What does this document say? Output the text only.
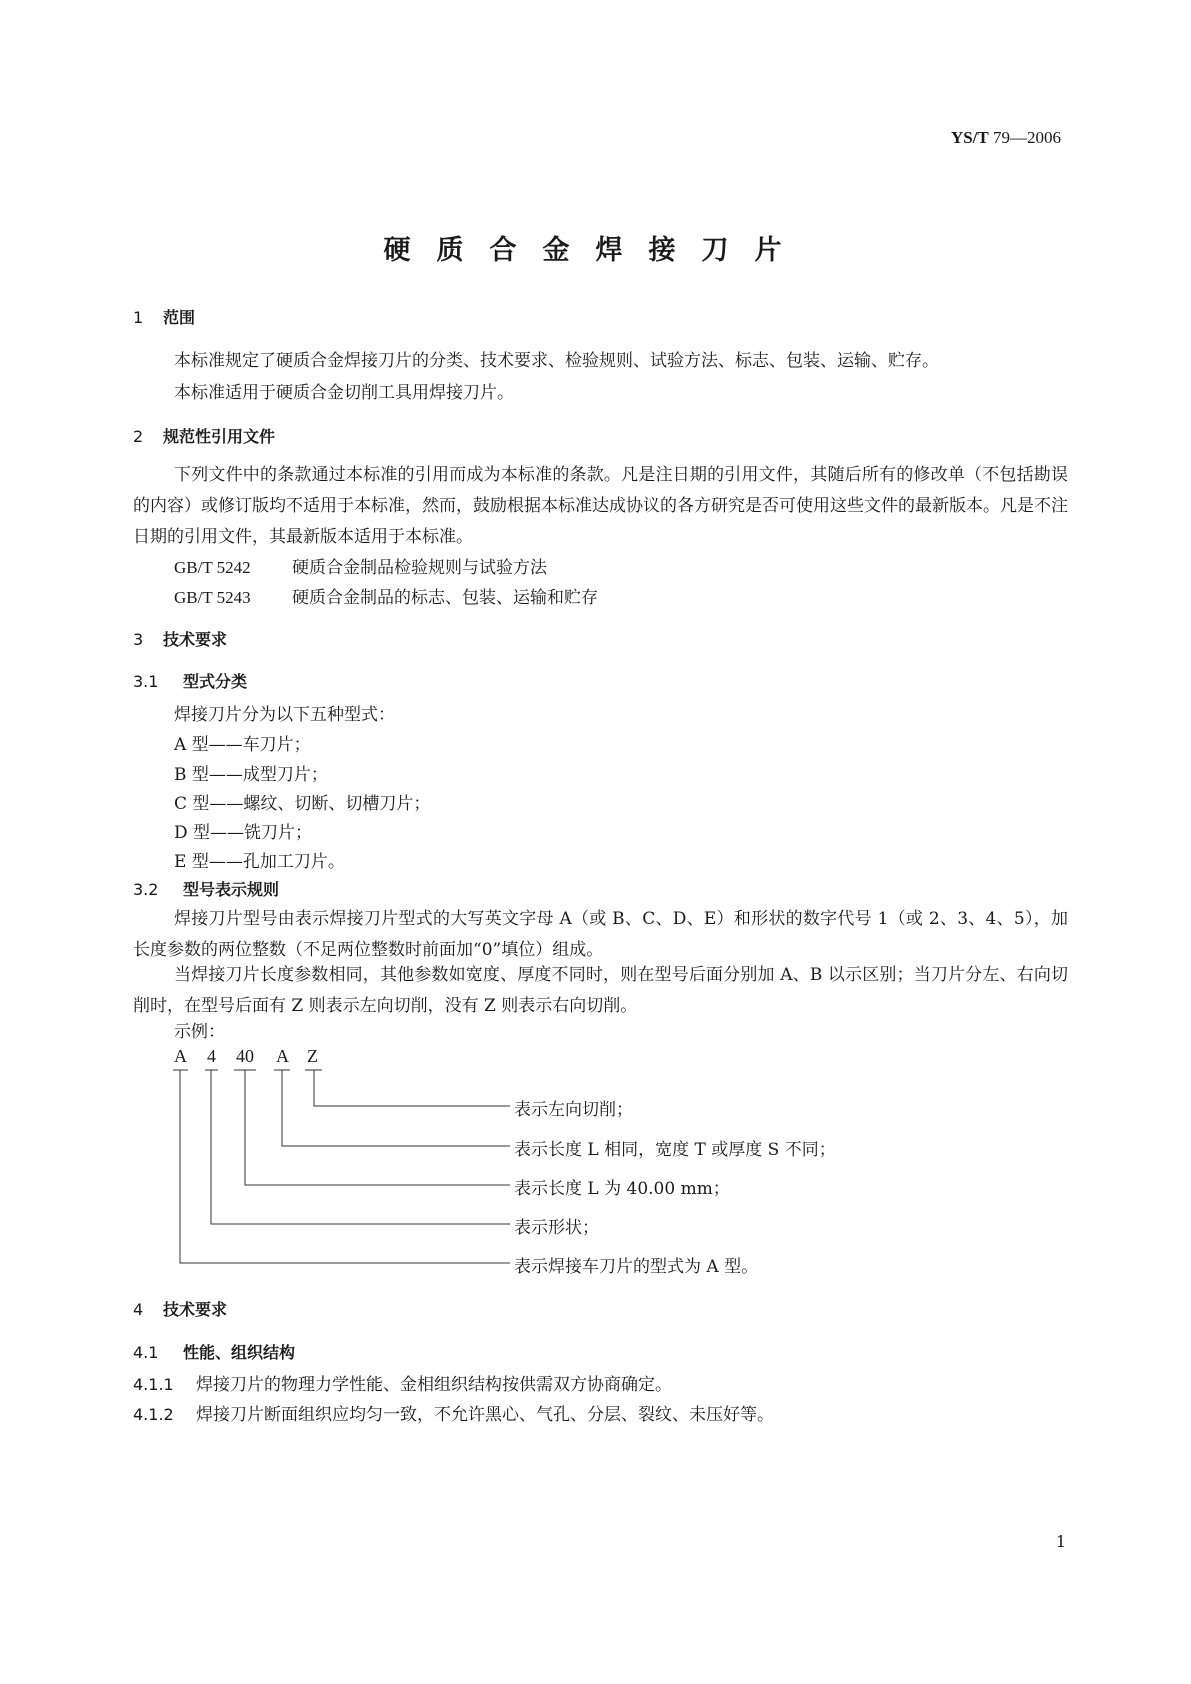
YS/T 79—2006
硬质合金焊接刀片
1 范围
本标准规定了硬质合金焊接刀片的分类、技术要求、检验规则、试验方法、标志、包装、运输、贮存。
本标准适用于硬质合金切削工具用焊接刀片。
2 规范性引用文件
下列文件中的条款通过本标准的引用而成为本标准的条款。凡是注日期的引用文件，其随后所有的修改单（不包括勘误的内容）或修订版均不适用于本标准，然而，鼓励根据本标准达成协议的各方研究是否可使用这些文件的最新版本。凡是不注日期的引用文件，其最新版本适用于本标准。
GB/T 5242 硬质合金制品检验规则与试验方法
GB/T 5243 硬质合金制品的标志、包装、运输和贮存
3 技术要求
3.1 型式分类
焊接刀片分为以下五种型式：
A 型——车刀片；
B 型——成型刀片；
C 型——螺纹、切断、切槽刀片；
D 型——铣刀片；
E 型——孔加工刀片。
3.2 型号表示规则
焊接刀片型号由表示焊接刀片型式的大写英文字母 A（或 B、C、D、E）和形状的数字代号 1（或 2、3、4、5），加长度参数的两位整数（不足两位整数时前面加“0”填位）组成。
当焊接刀片长度参数相同，其他参数如宽度、厚度不同时，则在型号后面分别加 A、B 以示区别；当刀片分左、右向切削时，在型号后面有 Z 则表示左向切削，没有 Z 则表示右向切削。
示例：
A 4 40 A Z
表示左向切削；
表示长度 L 相同，宽度 T 或厚度 S 不同；
表示长度 L 为 40.00 mm；
表示形状；
表示焊接车刀片的型式为 A 型。
4 技术要求
4.1 性能、组织结构
4.1.1 焊接刀片的物理力学性能、金相组织结构按供需双方协商确定。
4.1.2 焊接刀片断面组织应均匀一致，不允许黑心、气孔、分层、裂纹、未压好等。
1
